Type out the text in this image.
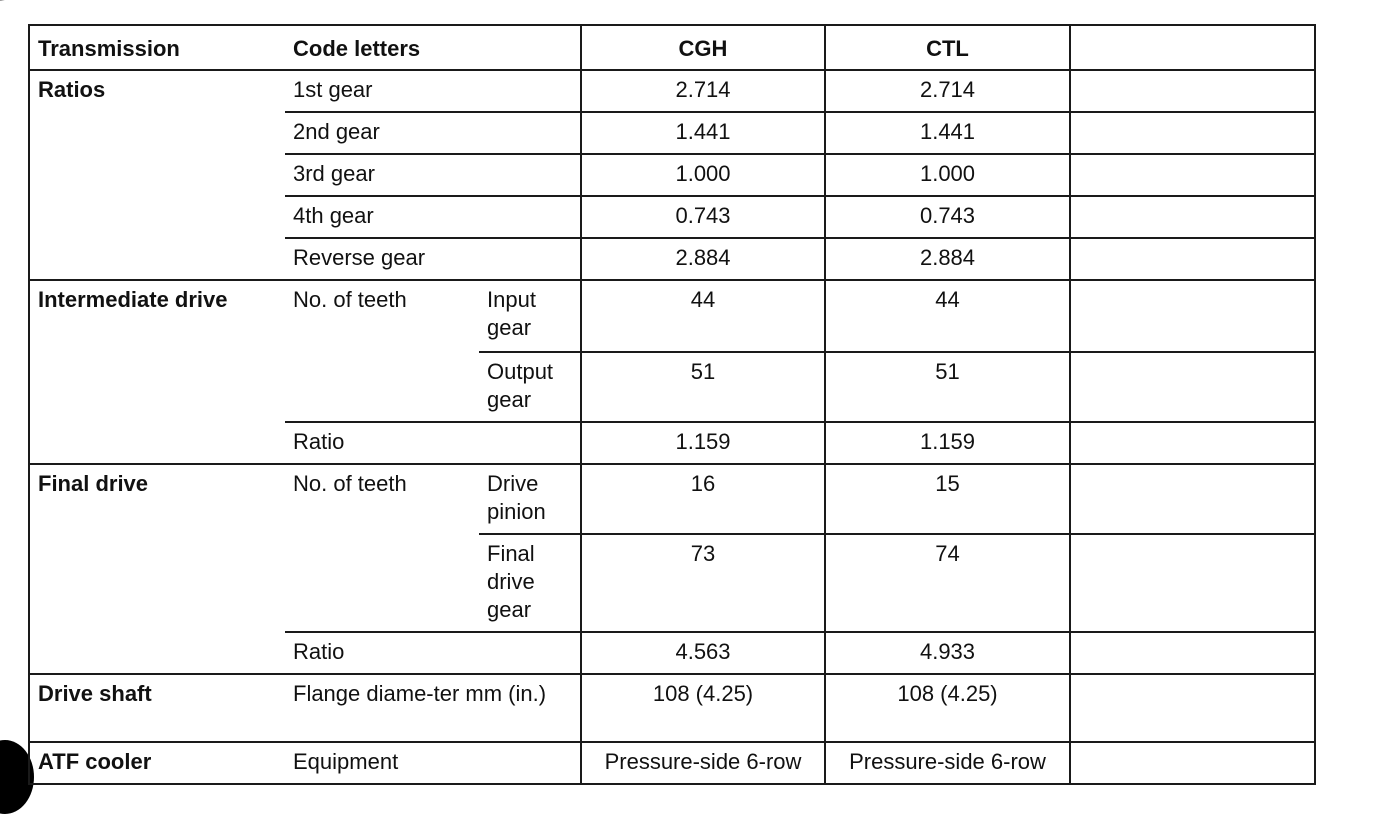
Transmission	Code letters		CGH	CTL	
Ratios	1st gear		2.714	2.714	
	2nd gear		1.441	1.441	
	3rd gear		1.000	1.000	
	4th gear		0.743	0.743	
	Reverse gear		2.884	2.884	
Intermediate drive	No. of teeth	Input gear	44	44	
		Output gear	51	51	
	Ratio		1.159	1.159	
Final drive	No. of teeth	Drive pinion	16	15	
		Final drive gear	73	74	
	Ratio		4.563	4.933	
Drive shaft	Flange diame-ter mm (in.)		108 (4.25)	108 (4.25)	
ATF cooler	Equipment		Pressure-side 6-row	Pressure-side 6-row	
